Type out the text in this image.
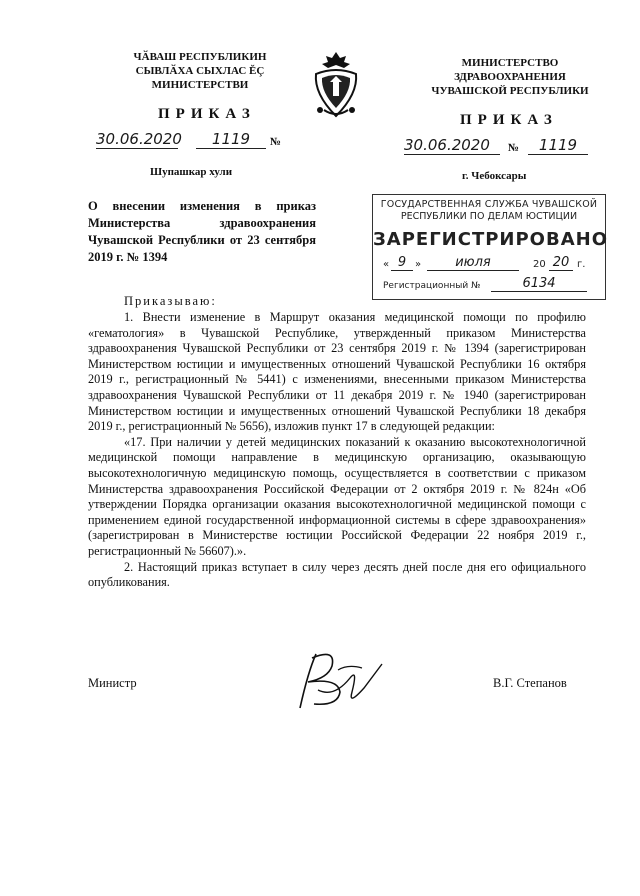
ЧӐВАШ РЕСПУБЛИКИН
СЫВЛӐХА СЫХЛАС ĔÇ
МИНИСТЕРСТВИ
ПРИКАЗ
30.06.2020	1119	№
Шупашкар хули
МИНИСТЕРСТВО
ЗДРАВООХРАНЕНИЯ
ЧУВАШСКОЙ РЕСПУБЛИКИ
ПРИКАЗ
30.06.2020	№	1119
г. Чебоксары
О внесении изменения в приказ Министерства здравоохранения Чувашской Республики от 23 сентября 2019 г. № 1394
ГОСУДАРСТВЕННАЯ СЛУЖБА ЧУВАШСКОЙ
РЕСПУБЛИКИ ПО ДЕЛАМ ЮСТИЦИИ
ЗАРЕГИСТРИРОВАНО
« 9 »	июля	20 20 г.
Регистрационный №	6134
Приказываю:

1. Внести изменение в Маршрут оказания медицинской помощи по профилю «гематология» в Чувашской Республике, утвержденный приказом Министерства здравоохранения Чувашской Республики от 23 сентября 2019 г. № 1394 (зарегистрирован Министерством юстиции и имущественных отношений Чувашской Республики 16 октября 2019 г., регистрационный № 5441) с изменениями, внесенными приказом Министерства здравоохранения Чувашской Республики от 11 декабря 2019 г. № 1940 (зарегистрирован Министерством юстиции и имущественных отношений Чувашской Республики 18 декабря 2019 г., регистрационный № 5656), изложив пункт 17 в следующей редакции:

«17. При наличии у детей медицинских показаний к оказанию высокотехнологичной медицинской помощи направление в медицинскую организацию, оказывающую высокотехнологичную медицинскую помощь, осуществляется в соответствии с приказом Министерства здравоохранения Российской Федерации от 2 октября 2019 г. № 824н «Об утверждении Порядка организации оказания высокотехнологичной медицинской помощи с применением единой государственной информационной системы в сфере здравоохранения» (зарегистрирован в Министерстве юстиции Российской Федерации 22 ноября 2019 г., регистрационный № 56607).».

2. Настоящий приказ вступает в силу через десять дней после дня его официального опубликования.

Министр	В.Г. Степанов
